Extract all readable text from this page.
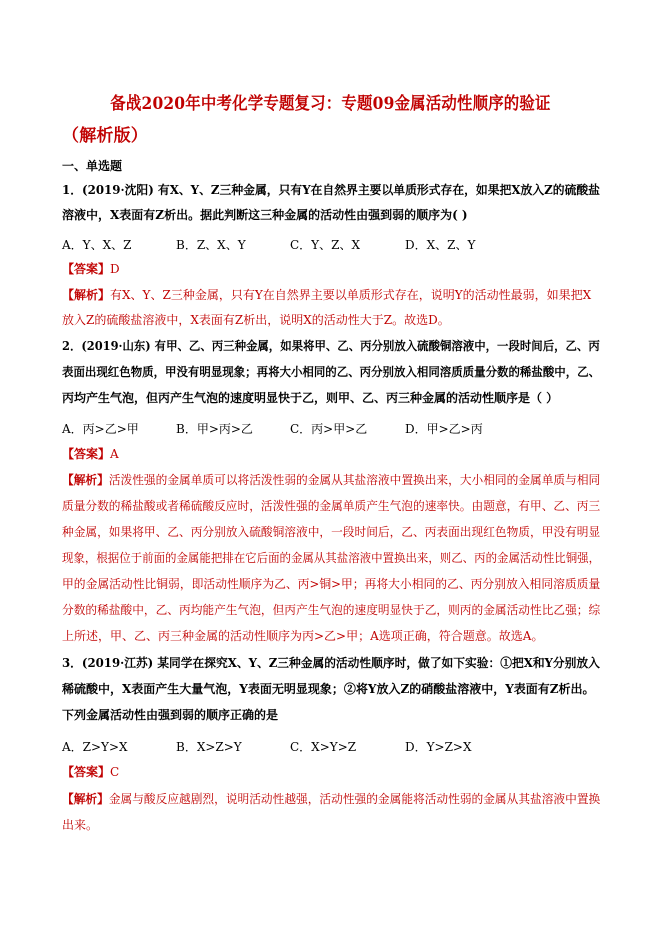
备战2020年中考化学专题复习：专题09金属活动性顺序的验证
（解析版）
一、单选题
1．(2019·沈阳) 有X、Y、Z三种金属，只有Y在自然界主要以单质形式存在，如果把X放入Z的硫酸盐
溶液中，X表面有Z析出。据此判断这三种金属的活动性由强到弱的顺序为( )
A．Y、X、Z	B．Z、X、Y	C．Y、Z、X	D．X、Z、Y
【答案】D
【解析】有X、Y、Z三种金属，只有Y在自然界主要以单质形式存在，说明Y的活动性最弱，如果把X
放入Z的硫酸盐溶液中，X表面有Z析出，说明X的活动性大于Z。故选D。
2．(2019·山东) 有甲、乙、丙三种金属，如果将甲、乙、丙分别放入硫酸铜溶液中，一段时间后，乙、丙
表面出现红色物质，甲没有明显现象；再将大小相同的乙、丙分别放入相同溶质质量分数的稀盐酸中，乙、
丙均产生气泡，但丙产生气泡的速度明显快于乙，则甲、乙、丙三种金属的活动性顺序是（ ）
A．丙>乙>甲	B．甲>丙>乙	C．丙>甲>乙	D．甲>乙>丙
【答案】A
【解析】活泼性强的金属单质可以将活泼性弱的金属从其盐溶液中置换出来，大小相同的金属单质与相同
质量分数的稀盐酸或者稀硫酸反应时，活泼性强的金属单质产生气泡的速率快。由题意，有甲、乙、丙三
种金属，如果将甲、乙、丙分别放入硫酸铜溶液中，一段时间后，乙、丙表面出现红色物质，甲没有明显
现象，根据位于前面的金属能把排在它后面的金属从其盐溶液中置换出来，则乙、丙的金属活动性比铜强，
甲的金属活动性比铜弱，即活动性顺序为乙、丙>铜>甲；再将大小相同的乙、丙分别放入相同溶质质量
分数的稀盐酸中，乙、丙均能产生气泡，但丙产生气泡的速度明显快于乙，则丙的金属活动性比乙强；综
上所述，甲、乙、丙三种金属的活动性顺序为丙>乙>甲；A选项正确，符合题意。故选A。
3．(2019·江苏) 某同学在探究X、Y、Z三种金属的活动性顺序时，做了如下实验：①把X和Y分别放入
稀硫酸中，X表面产生大量气泡，Y表面无明显现象；②将Y放入Z的硝酸盐溶液中，Y表面有Z析出。
下列金属活动性由强到弱的顺序正确的是
A．Z>Y>X	B．X>Z>Y	C．X>Y>Z	D．Y>Z>X
【答案】C
【解析】金属与酸反应越剧烈，说明活动性越强，活动性强的金属能将活动性弱的金属从其盐溶液中置换
出来。
